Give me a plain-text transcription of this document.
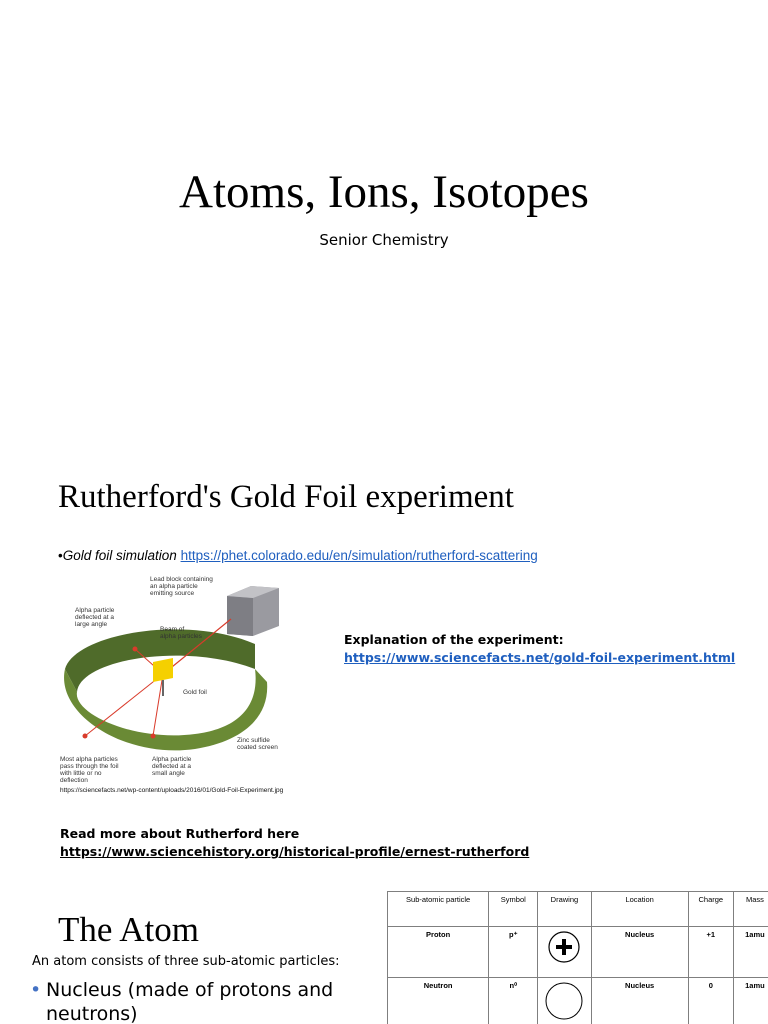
Atoms, Ions, Isotopes
Senior Chemistry
Rutherford's Gold Foil experiment
•Gold foil simulation https://phet.colorado.edu/en/simulation/rutherford-scattering
Lead block containing an alpha particle emitting source
Alpha particle deflected at a large angle
Beam of alpha particles
Gold foil
Zinc sulfide coated screen
Most alpha particles pass through the foil with little or no deflection
Alpha particle deflected at a small angle
https://sciencefacts.net/wp-content/uploads/2016/01/Gold-Foil-Experiment.jpg
Explanation of the experiment:
https://www.sciencefacts.net/gold-foil-experiment.html
Read more about Rutherford here
https://www.sciencehistory.org/historical-profile/ernest-rutherford
The Atom
An atom consists of three sub-atomic particles:
• Nucleus (made of protons and neutrons)
Sub-atomic particle	Symbol	Drawing	Location	Charge	Mass
Proton	p⁺		Nucleus	+1	1amu
Neutron	n⁰		Nucleus	0	1amu
